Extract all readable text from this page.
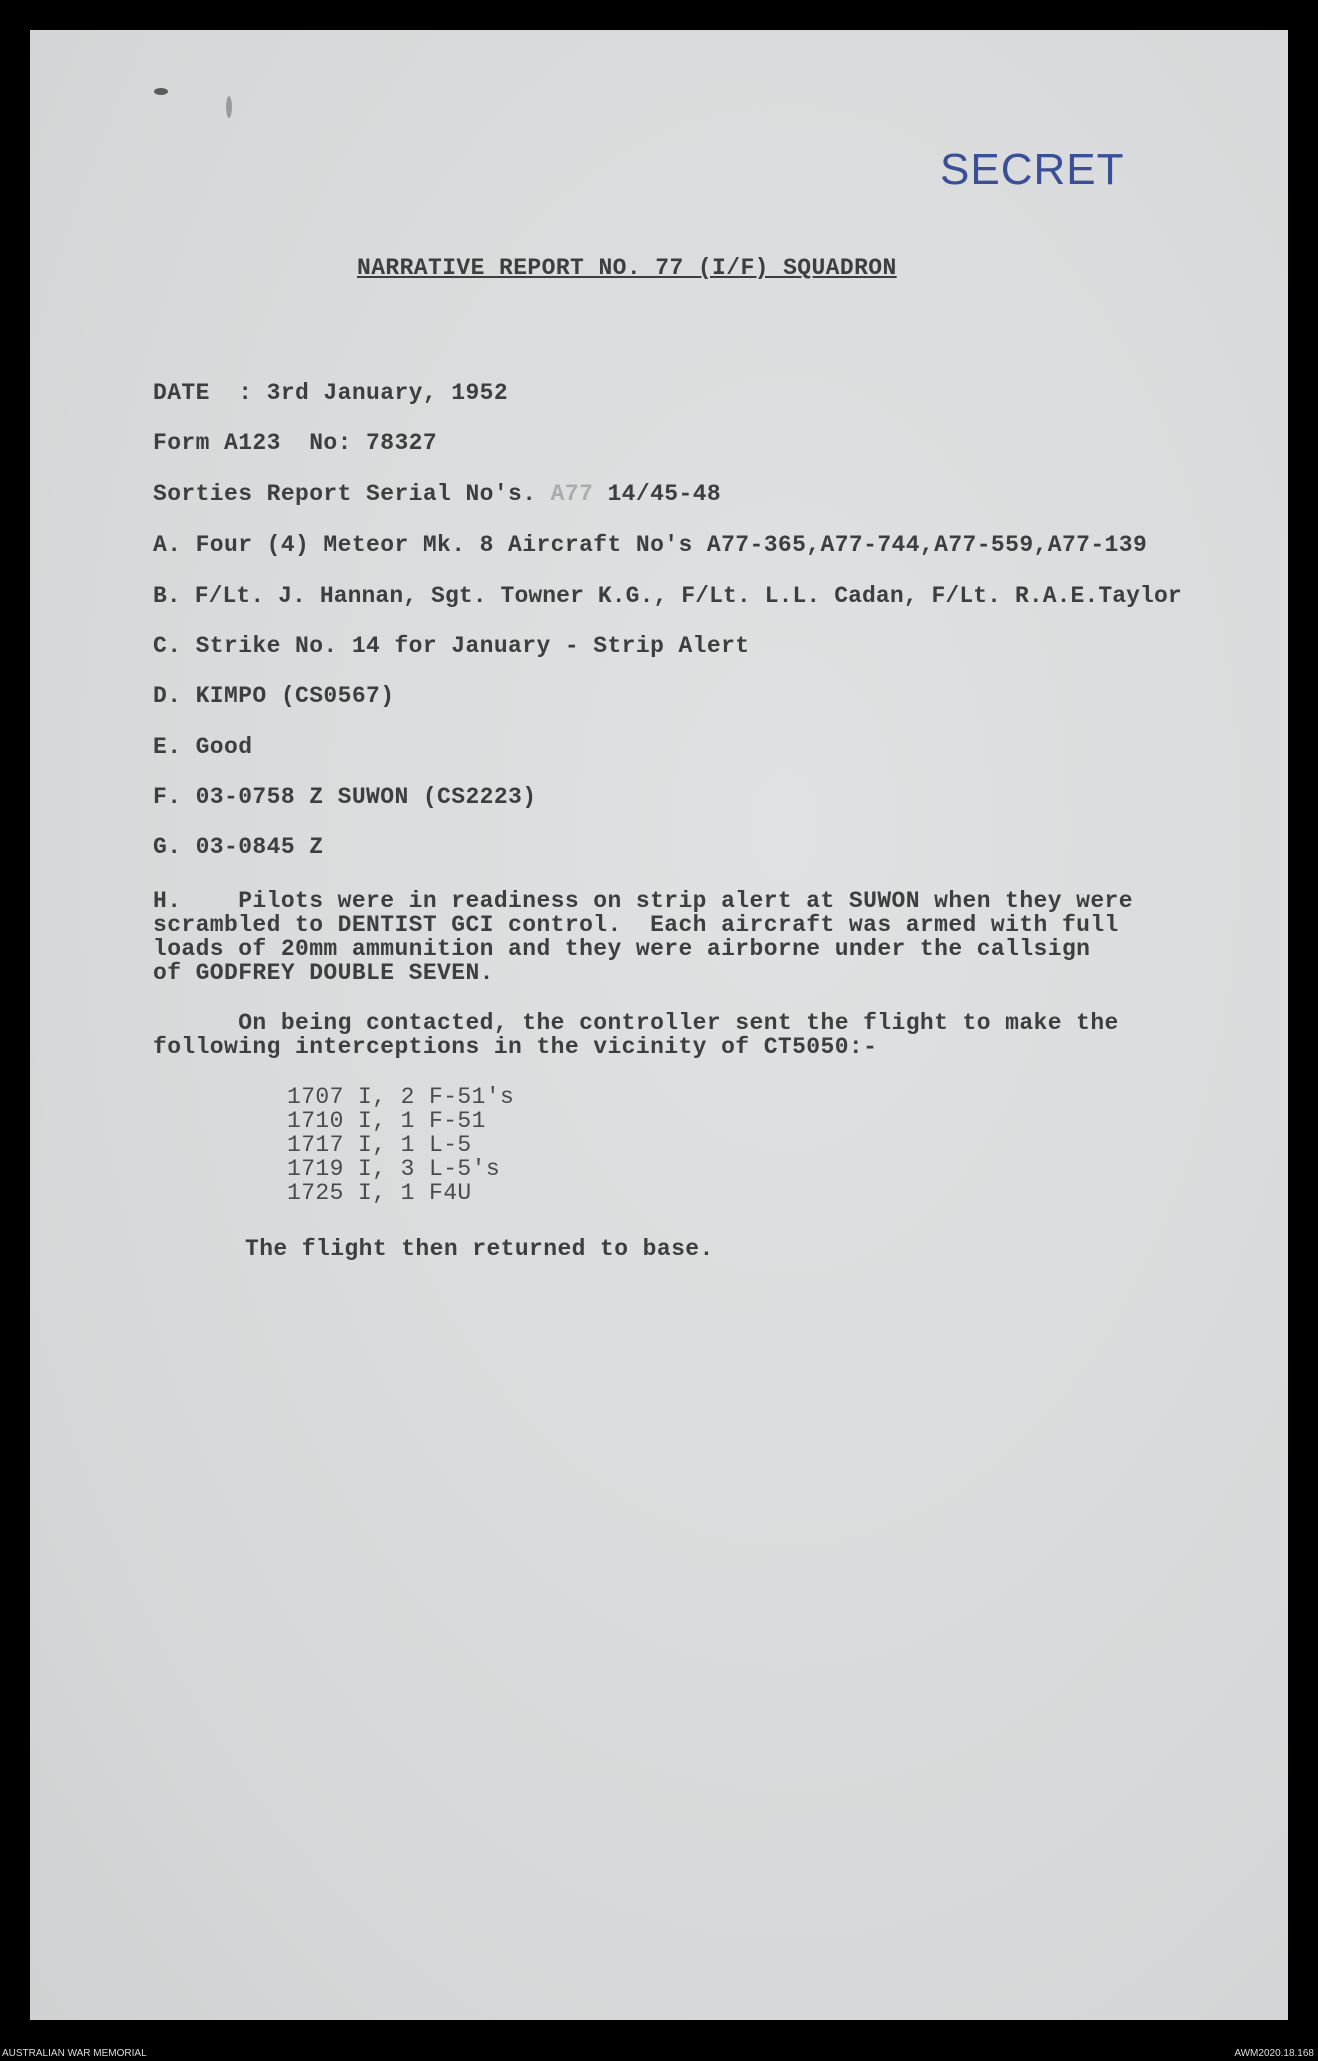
SECRET
NARRATIVE REPORT NO. 77 (I/F) SQUADRON
DATE  : 3rd January, 1952
Form A123  No: 78327
Sorties Report Serial No's. A77 14/45-48
A. Four (4) Meteor Mk. 8 Aircraft No's A77-365,A77-744,A77-559,A77-139
B. F/Lt. J. Hannan, Sgt. Towner K.G., F/Lt. L.L. Cadan, F/Lt. R.A.E.Taylor
C. Strike No. 14 for January - Strip Alert
D. KIMPO (CS0567)
E. Good
F. 03-0758 Z SUWON (CS2223)
G. 03-0845 Z
H.    Pilots were in readiness on strip alert at SUWON when they were
scrambled to DENTIST GCI control.  Each aircraft was armed with full
loads of 20mm ammunition and they were airborne under the callsign
of GODFREY DOUBLE SEVEN.
On being contacted, the controller sent the flight to make the
following interceptions in the vicinity of CT5050:-
1707 I, 2 F-51's
1710 I, 1 F-51
1717 I, 1 L-5
1719 I, 3 L-5's
1725 I, 1 F4U
The flight then returned to base.
AUSTRALIAN WAR MEMORIAL	AWM2020.18.168
